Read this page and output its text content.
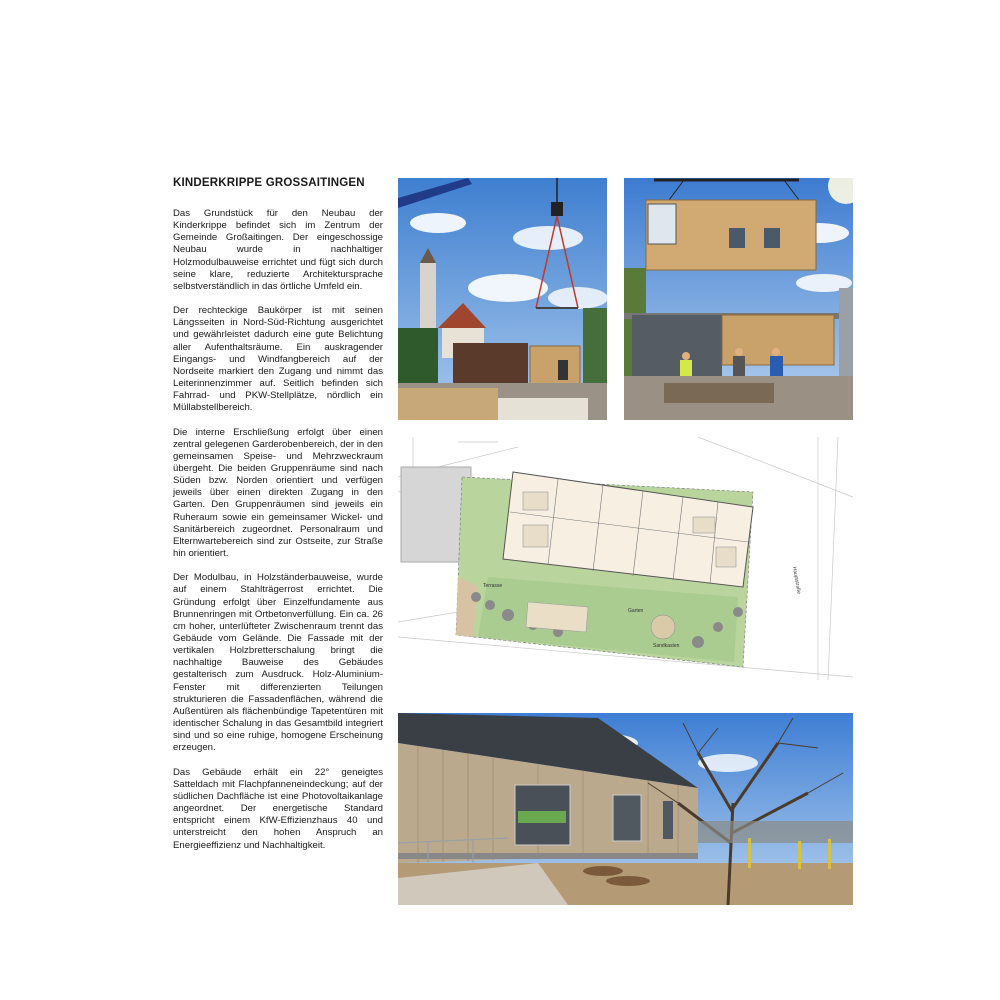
KINDERKRIPPE GROSSAITINGEN

Das Grundstück für den Neubau der Kinderkrippe befindet sich im Zentrum der Gemeinde Großaitingen. Der eingeschossige Neubau wurde in nachhaltiger Holzmodulbauweise errichtet und fügt sich durch seine klare, reduzierte Architektursprache selbstverständlich in das örtliche Umfeld ein.

Der rechteckige Baukörper ist mit seinen Längsseiten in Nord-Süd-Richtung ausgerichtet und gewährleistet dadurch eine gute Belichtung aller Aufenthaltsräume. Ein auskragender Eingangs- und Windfangbereich auf der Nordseite markiert den Zugang und nimmt das Leiterinnenzimmer auf. Seitlich befinden sich Fahrrad- und PKW-Stellplätze, nördlich ein Müllabstellbereich.

Die interne Erschließung erfolgt über einen zentral gelegenen Garderobenbereich, der in den gemeinsamen Speise- und Mehrzweckraum übergeht. Die beiden Gruppenräume sind nach Süden bzw. Norden orientiert und verfügen jeweils über einen direkten Zugang in den Garten. Den Gruppenräumen sind jeweils ein Ruheraum sowie ein gemeinsamer Wickel- und Sanitärbereich zugeordnet. Personalraum und Elternwartebereich sind zur Ostseite, zur Straße hin orientiert.

Der Modulbau, in Holzständerbauweise, wurde auf einem Stahlträgerrost errichtet. Die Gründung erfolgt über Einzelfundamente aus Brunnenringen mit Ortbetonverfüllung. Ein ca. 26 cm hoher, unterlüfteter Zwischenraum trennt das Gebäude vom Gelände. Die Fassade mit der vertikalen Holzbretterschalung bringt die nachhaltige Bauweise des Gebäudes gestalterisch zum Ausdruck. Holz-Aluminium-Fenster mit differenzierten Teilungen strukturieren die Fassadenflächen, während die Außentüren als flächenbündige Tapetentüren mit identischer Schalung in das Gesamtbild integriert sind und so eine ruhige, homogene Erscheinung erzeugen.

Das Gebäude erhält ein 22° geneigtes Satteldach mit Flachpfanneneindeckung; auf der südlichen Dachfläche ist eine Photovoltaikanlage angeordnet. Der energetische Standard entspricht einem KfW-Effizienzhaus 40 und unterstreicht den hohen Anspruch an Energieeffizienz und Nachhaltigkeit.

Terrasse
Garten
Sandkasten
Hauptstraße
